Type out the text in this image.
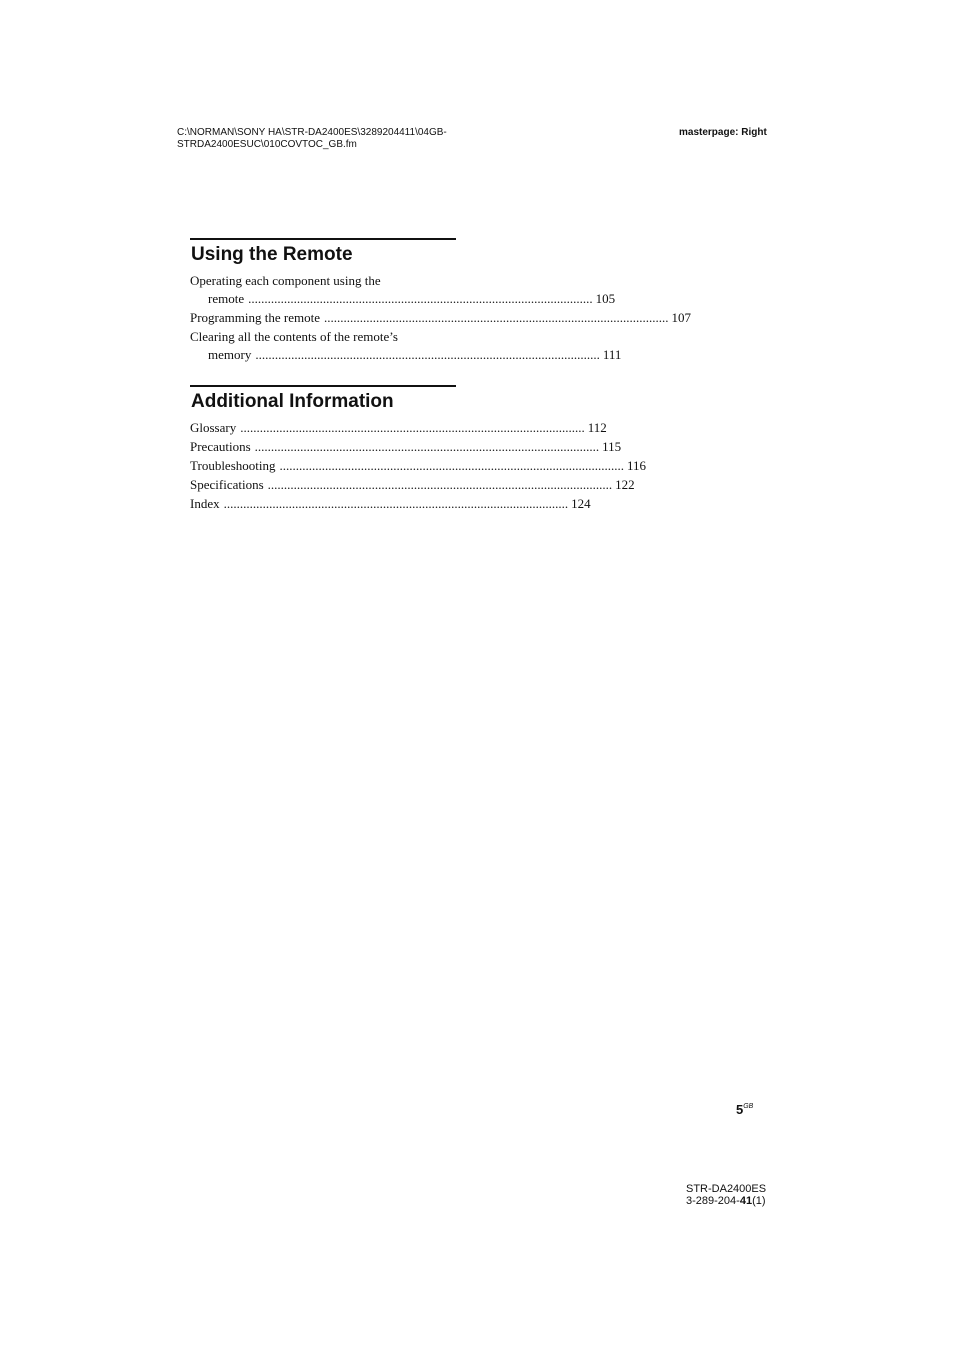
C:\NORMAN\SONY HA\STR-DA2400ES\3289204411\04GB-
STRDA2400ESUC\010COVTOC_GB.fm
masterpage: Right
Using the Remote
Operating each component using the
remote .......................................................................................................... 105
Programming the remote .......................................................................................................... 107
Clearing all the contents of the remote’s
memory .......................................................................................................... 111
Additional Information
Glossary .......................................................................................................... 112
Precautions .......................................................................................................... 115
Troubleshooting .......................................................................................................... 116
Specifications .......................................................................................................... 122
Index .......................................................................................................... 124
$5^{GB}$
STR-DA2400ES
3-289-204-41(1)
